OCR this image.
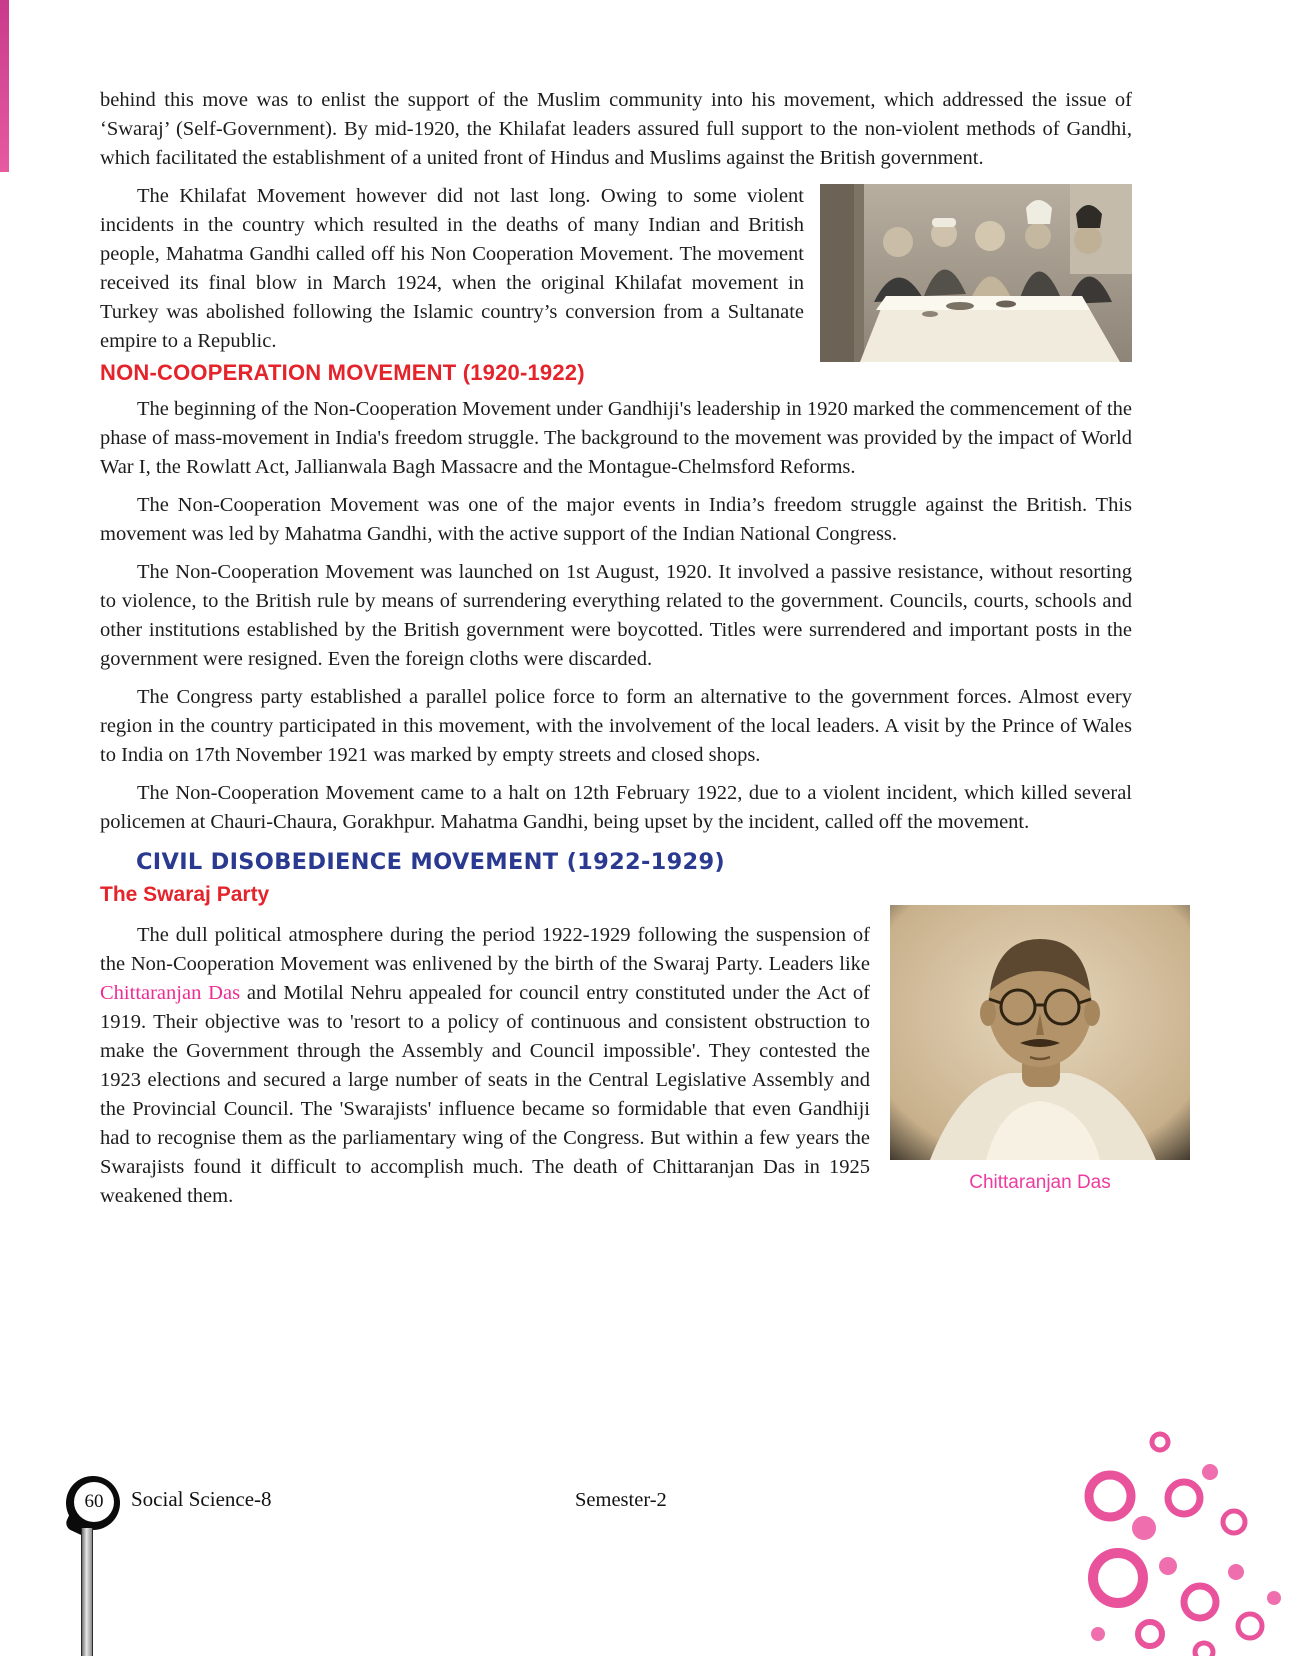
behind this move was to enlist the support of the Muslim community into his movement, which addressed the issue of ‘Swaraj’ (Self-Government). By mid-1920, the Khilafat leaders assured full support to the non-violent methods of Gandhi, which facilitated the establishment of a united front of Hindus and Muslims against the British government.

The Khilafat Movement however did not last long. Owing to some violent incidents in the country which resulted in the deaths of many Indian and British people, Mahatma Gandhi called off his Non Cooperation Movement. The movement received its final blow in March 1924, when the original Khilafat movement in Turkey was abolished following the Islamic country’s conversion from a Sultanate empire to a Republic.

NON-COOPERATION MOVEMENT (1920-1922)

The beginning of the Non-Cooperation Movement under Gandhiji's leadership in 1920 marked the commencement of the phase of mass-movement in India's freedom struggle. The background to the movement was provided by the impact of World War I, the Rowlatt Act, Jallianwala Bagh Massacre and the Montague-Chelmsford Reforms.

The Non-Cooperation Movement was one of the major events in India’s freedom struggle against the British. This movement was led by Mahatma Gandhi, with the active support of the Indian National Congress.

The Non-Cooperation Movement was launched on 1st August, 1920. It involved a passive resistance, without resorting to violence, to the British rule by means of surrendering everything related to the government. Councils, courts, schools and other institutions established by the British government were boycotted. Titles were surrendered and important posts in the government were resigned. Even the foreign cloths were discarded.

The Congress party established a parallel police force to form an alternative to the government forces. Almost every region in the country participated in this movement, with the involvement of the local leaders. A visit by the Prince of Wales to India on 17th November 1921 was marked by empty streets and closed shops.

The Non-Cooperation Movement came to a halt on 12th February 1922, due to a violent incident, which killed several policemen at Chauri-Chaura, Gorakhpur. Mahatma Gandhi, being upset by the incident, called off the movement.

CIVIL DISOBEDIENCE MOVEMENT (1922-1929)
The Swaraj Party
Chittaranjan Das

The dull political atmosphere during the period 1922-1929 following the suspension of the Non-Cooperation Movement was enlivened by the birth of the Swaraj Party. Leaders like Chittaranjan Das and Motilal Nehru appealed for council entry constituted under the Act of 1919. Their objective was to 'resort to a policy of continuous and consistent obstruction to make the Government through the Assembly and Council impossible'. They contested the 1923 elections and secured a large number of seats in the Central Legislative Assembly and the Provincial Council. The 'Swarajists' influence became so formidable that even Gandhiji had to recognise them as the parliamentary wing of the Congress. But within a few years the Swarajists found it difficult to accomplish much. The death of Chittaranjan Das in 1925 weakened them.

60	Social Science-8	Semester-2
